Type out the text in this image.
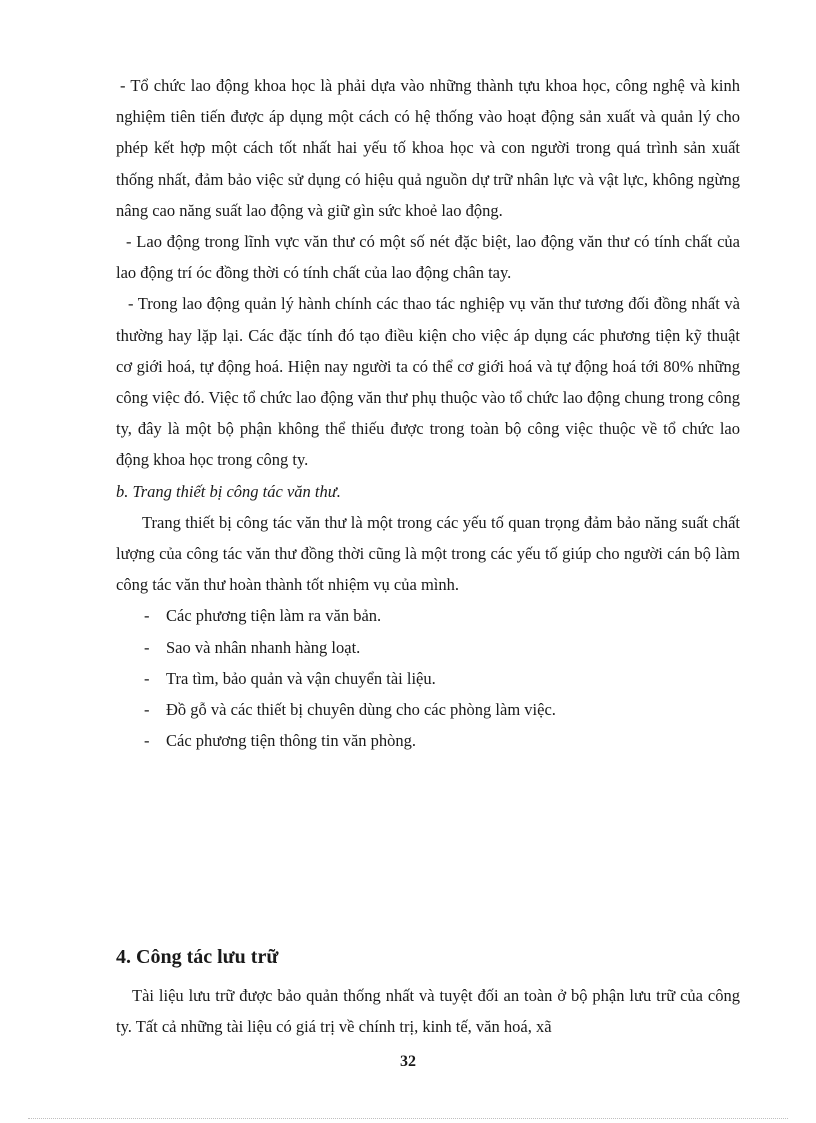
- Tổ chức lao động khoa học là phải dựa vào những thành tựu khoa học, công nghệ và kinh nghiệm tiên tiến được áp dụng một cách có hệ thống vào hoạt động sản xuất và quản lý cho phép kết hợp một cách tốt nhất hai yếu tố khoa học và con người trong quá trình sản xuất thống nhất, đảm bảo việc sử dụng có hiệu quả nguồn dự trữ nhân lực và vật lực, không ngừng nâng cao năng suất lao động và giữ gìn sức khoẻ lao động.

- Lao động trong lĩnh vực văn thư có một số nét đặc biệt, lao động văn thư có tính chất của lao động trí óc đồng thời có tính chất của lao động chân tay.

- Trong lao động quản lý hành chính các thao tác nghiệp vụ văn thư tương đối đồng nhất và thường hay lặp lại. Các đặc tính đó tạo điều kiện cho việc áp dụng các phương tiện kỹ thuật cơ giới hoá, tự động hoá. Hiện nay người ta có thể cơ giới hoá và tự động hoá tới 80% những công việc đó. Việc tổ chức lao động văn thư phụ thuộc vào tổ chức lao động chung trong công ty, đây là một bộ phận không thể thiếu được trong toàn bộ công việc thuộc về tổ chức lao động khoa học trong công ty.

b. Trang thiết bị công tác văn thư.

Trang thiết bị công tác văn thư là một trong các yếu tố quan trọng đảm bảo năng suất chất lượng của công tác văn thư đồng thời cũng là một trong các yếu tố giúp cho người cán bộ làm công tác văn thư hoàn thành tốt nhiệm vụ của mình.

- Các phương tiện làm ra văn bản.
- Sao và nhân nhanh hàng loạt.
- Tra tìm, bảo quản và vận chuyển tài liệu.
- Đồ gỗ và các thiết bị chuyên dùng cho các phòng làm việc.
- Các phương tiện thông tin văn phòng.
4. Công tác lưu trữ

Tài liệu lưu trữ được bảo quản thống nhất và tuyệt đối an toàn ở bộ phận lưu trữ của công ty. Tất cả những tài liệu có giá trị về chính trị, kinh tế, văn hoá, xã

32
